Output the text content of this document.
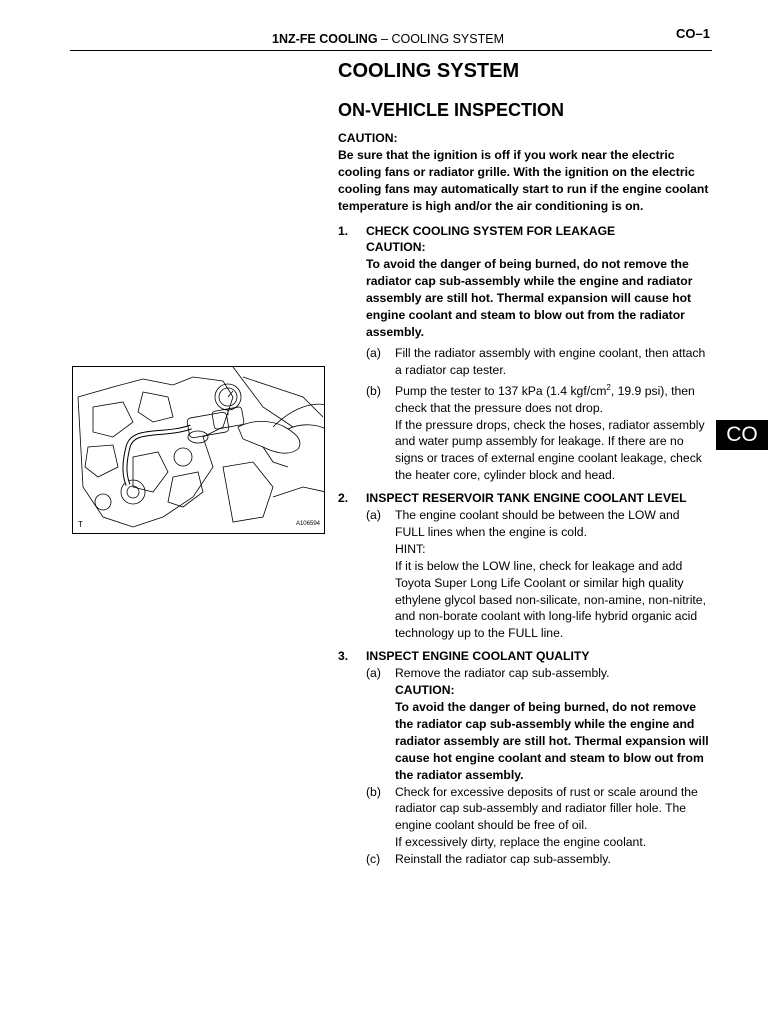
1NZ-FE COOLING – COOLING SYSTEM	CO–1
CO
T	A106594
COOLING SYSTEM
ON-VEHICLE INSPECTION
CAUTION:
Be sure that the ignition is off if you work near the electric cooling fans or radiator grille. With the ignition on the electric cooling fans may automatically start to run if the engine coolant temperature is high and/or the air conditioning is on.
1. CHECK COOLING SYSTEM FOR LEAKAGE
CAUTION:
To avoid the danger of being burned, do not remove the radiator cap sub-assembly while the engine and radiator assembly are still hot. Thermal expansion will cause hot engine coolant and steam to blow out from the radiator assembly.
(a) Fill the radiator assembly with engine coolant, then attach a radiator cap tester.
(b) Pump the tester to 137 kPa (1.4 kgf/$cm^2$, 19.9 psi), then check that the pressure does not drop.
If the pressure drops, check the hoses, radiator assembly and water pump assembly for leakage. If there are no signs or traces of external engine coolant leakage, check the heater core, cylinder block and head.
2. INSPECT RESERVOIR TANK ENGINE COOLANT LEVEL
(a) The engine coolant should be between the LOW and FULL lines when the engine is cold.
HINT:
If it is below the LOW line, check for leakage and add Toyota Super Long Life Coolant or similar high quality ethylene glycol based non-silicate, non-amine, non-nitrite, and non-borate coolant with long-life hybrid organic acid technology up to the FULL line.
3. INSPECT ENGINE COOLANT QUALITY
(a) Remove the radiator cap sub-assembly.
CAUTION:
To avoid the danger of being burned, do not remove the radiator cap sub-assembly while the engine and radiator assembly are still hot. Thermal expansion will cause hot engine coolant and steam to blow out from the radiator assembly.
(b) Check for excessive deposits of rust or scale around the radiator cap sub-assembly and radiator filler hole. The engine coolant should be free of oil.
If excessively dirty, replace the engine coolant.
(c) Reinstall the radiator cap sub-assembly.
